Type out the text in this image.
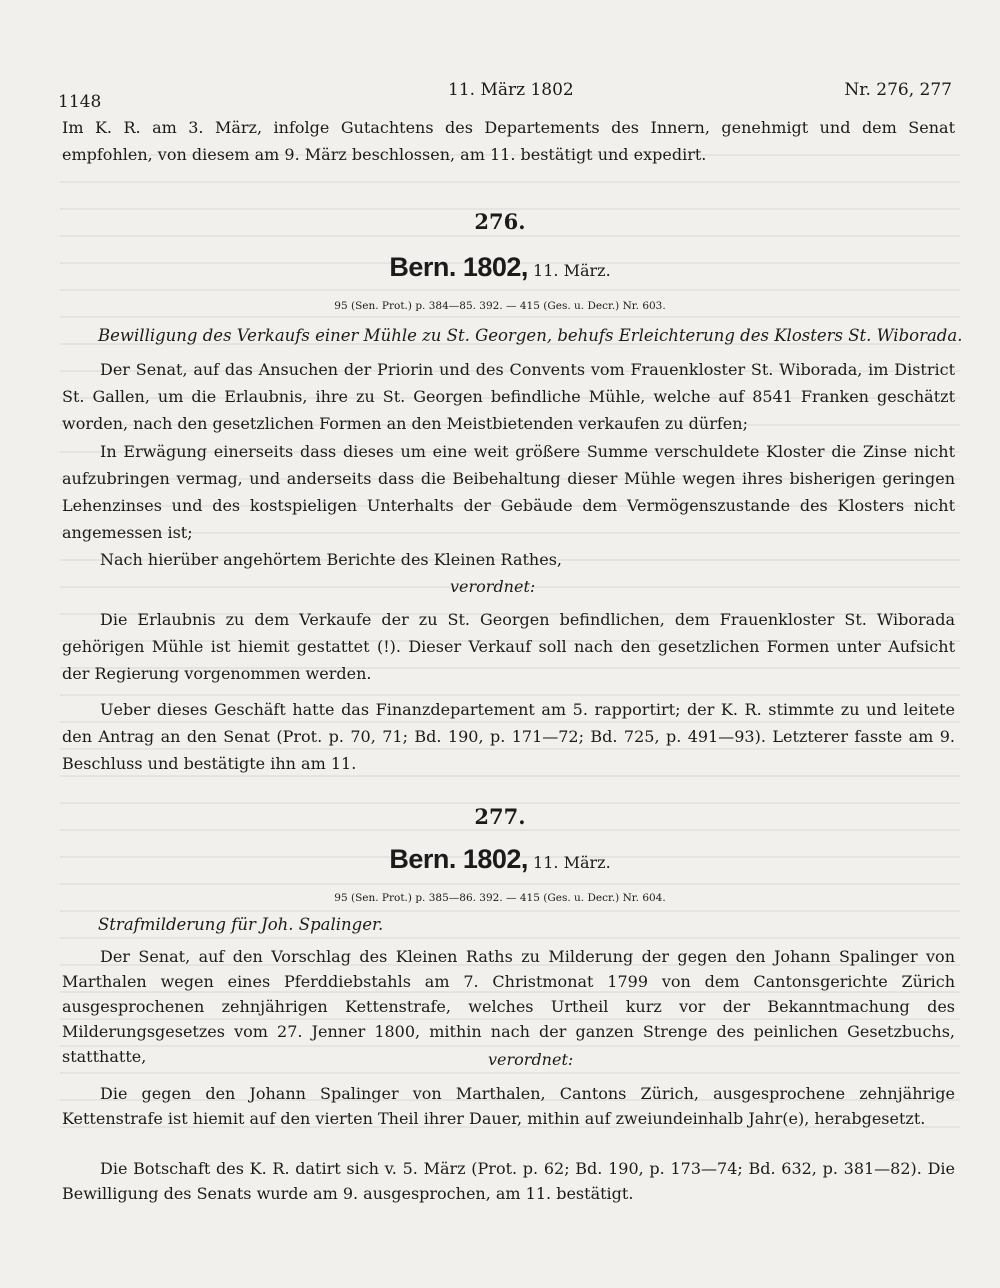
1148
11. März 1802	Nr. 276, 277

Im K. R. am 3. März, infolge Gutachtens des Departements des Innern, genehmigt und dem Senat empfohlen, von diesem am 9. März beschlossen, am 11. bestätigt und expedirt.

276.
Bern. 1802, 11. März.
95 (Sen. Prot.) p. 384—85. 392. — 415 (Ges. u. Decr.) Nr. 603.
Bewilligung des Verkaufs einer Mühle zu St. Georgen, behufs Erleichterung des Klosters St. Wiborada.

Der Senat, auf das Ansuchen der Priorin und des Convents vom Frauenkloster St. Wiborada, im District St. Gallen, um die Erlaubnis, ihre zu St. Georgen befindliche Mühle, welche auf 8541 Franken geschätzt worden, nach den gesetzlichen Formen an den Meistbietenden verkaufen zu dürfen;

In Erwägung einerseits dass dieses um eine weit größere Summe verschuldete Kloster die Zinse nicht aufzubringen vermag, und anderseits dass die Beibehaltung dieser Mühle wegen ihres bisherigen geringen Lehenzinses und des kostspieligen Unterhalts der Gebäude dem Vermögenszustande des Klosters nicht angemessen ist;

Nach hierüber angehörtem Berichte des Kleinen Rathes,

verordnet:

Die Erlaubnis zu dem Verkaufe der zu St. Georgen befindlichen, dem Frauenkloster St. Wiborada gehörigen Mühle ist hiemit gestattet (!). Dieser Verkauf soll nach den gesetzlichen Formen unter Aufsicht der Regierung vorgenommen werden.

Ueber dieses Geschäft hatte das Finanzdepartement am 5. rapportirt; der K. R. stimmte zu und leitete den Antrag an den Senat (Prot. p. 70, 71; Bd. 190, p. 171—72; Bd. 725, p. 491—93). Letzterer fasste am 9. Beschluss und bestätigte ihn am 11.

277.
Bern. 1802, 11. März.
95 (Sen. Prot.) p. 385—86. 392. — 415 (Ges. u. Decr.) Nr. 604.
Strafmilderung für Joh. Spalinger.

Der Senat, auf den Vorschlag des Kleinen Raths zu Milderung der gegen den Johann Spalinger von Marthalen wegen eines Pferddiebstahls am 7. Christmonat 1799 von dem Cantonsgerichte Zürich ausgesprochenen zehnjährigen Kettenstrafe, welches Urtheil kurz vor der Bekanntmachung des Milderungsgesetzes vom 27. Jenner 1800, mithin nach der ganzen Strenge des peinlichen Gesetzbuchs, statthatte,	verordnet:

Die gegen den Johann Spalinger von Marthalen, Cantons Zürich, ausgesprochene zehnjährige Kettenstrafe ist hiemit auf den vierten Theil ihrer Dauer, mithin auf zweiundeinhalb Jahr(e), herabgesetzt.

Die Botschaft des K. R. datirt sich v. 5. März (Prot. p. 62; Bd. 190, p. 173—74; Bd. 632, p. 381—82). Die Bewilligung des Senats wurde am 9. ausgesprochen, am 11. bestätigt.
